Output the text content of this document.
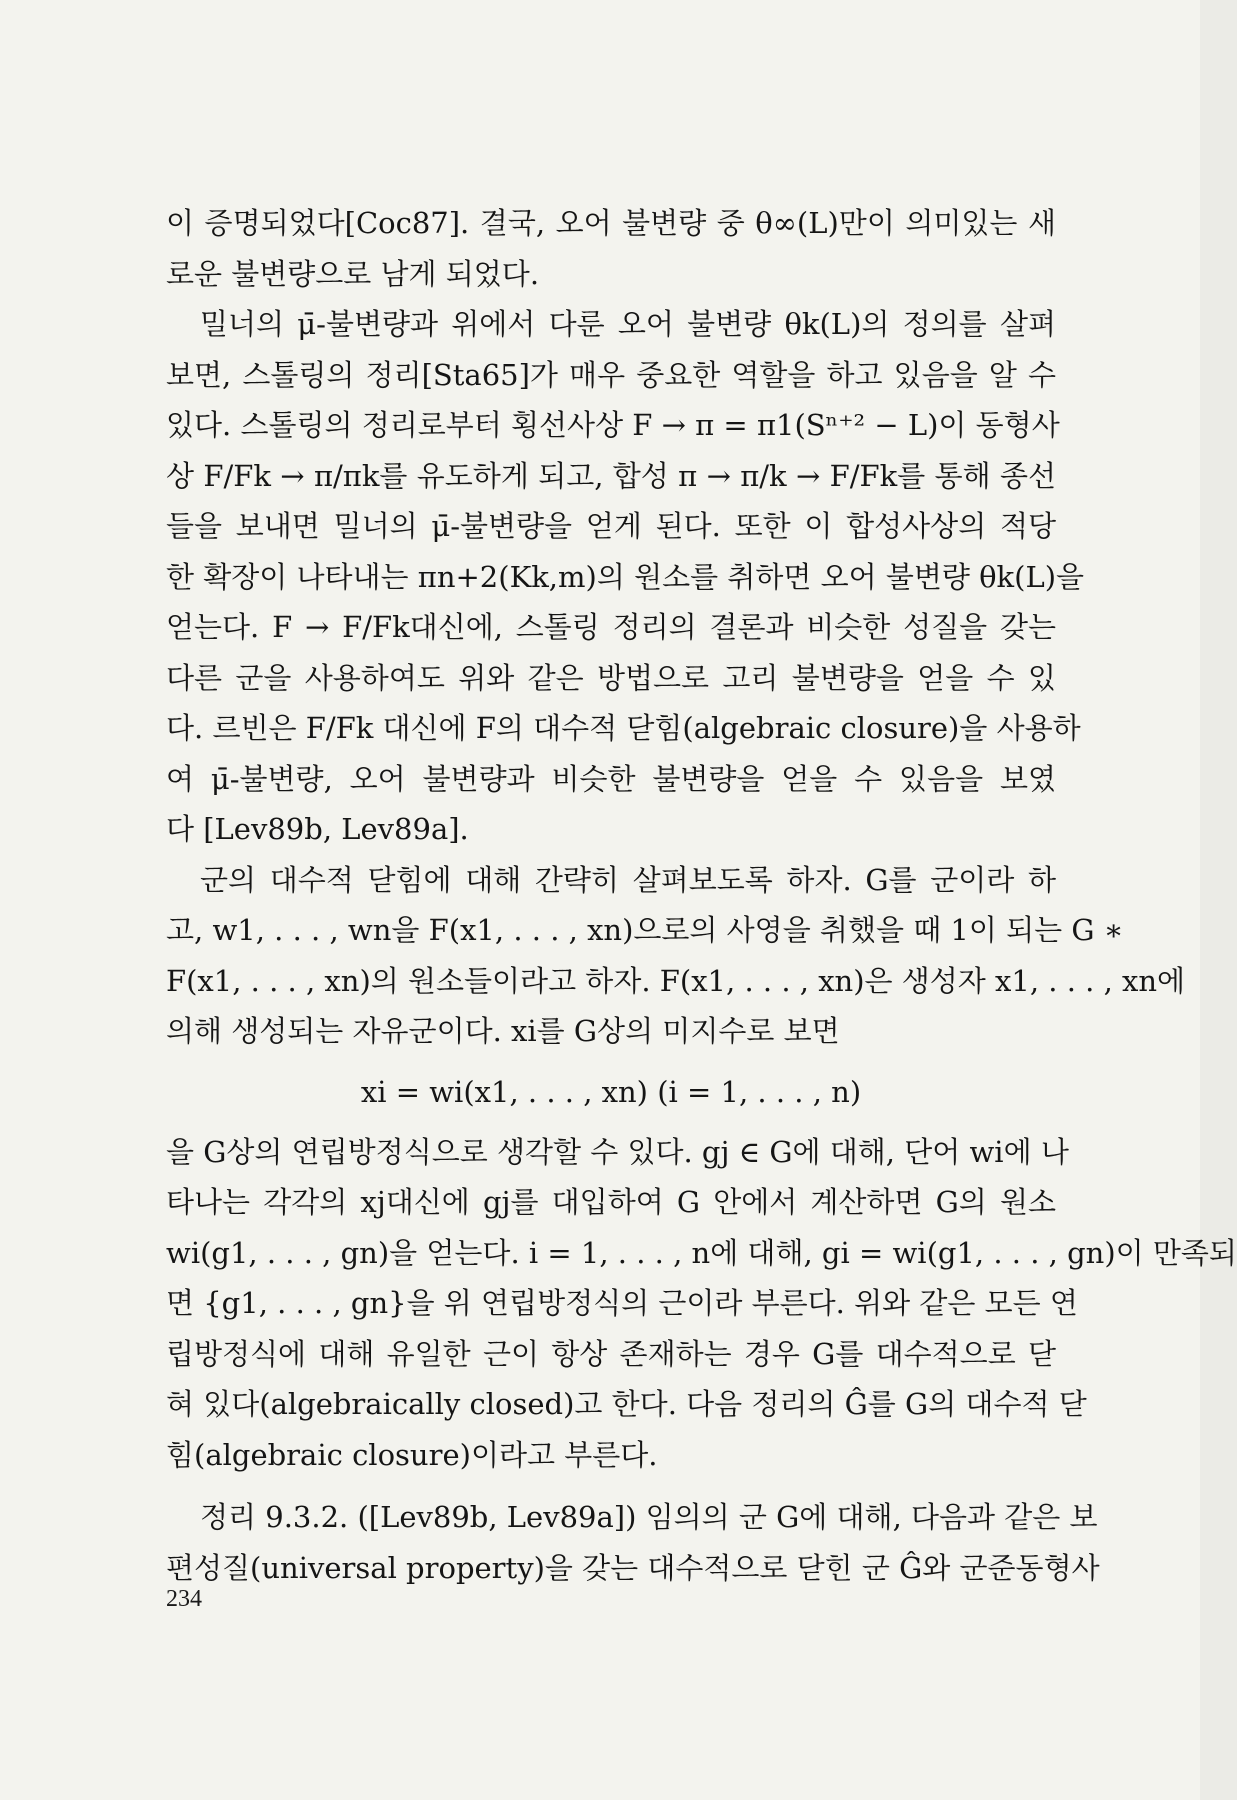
이 증명되었다[Coc87]. 결국, 오어 불변량 중 θ∞(L)만이 의미있는 새
로운 불변량으로 남게 되었다.
밀너의 μ̄-불변량과 위에서 다룬 오어 불변량 θk(L)의 정의를 살펴
보면, 스톨링의 정리[Sta65]가 매우 중요한 역할을 하고 있음을 알 수
있다. 스톨링의 정리로부터 횡선사상 F → π = π1(Sⁿ⁺² − L)이 동형사
상 F/Fk → π/πk를 유도하게 되고, 합성 π → π/k → F/Fk를 통해 종선
들을 보내면 밀너의 μ̄-불변량을 얻게 된다. 또한 이 합성사상의 적당
한 확장이 나타내는 πn+2(Kk,m)의 원소를 취하면 오어 불변량 θk(L)을
얻는다. F → F/Fk대신에, 스톨링 정리의 결론과 비슷한 성질을 갖는
다른 군을 사용하여도 위와 같은 방법으로 고리 불변량을 얻을 수 있
다. 르빈은 F/Fk 대신에 F의 대수적 닫힘(algebraic closure)을 사용하
여 μ̄-불변량, 오어 불변량과 비슷한 불변량을 얻을 수 있음을 보였
다 [Lev89b, Lev89a].
군의 대수적 닫힘에 대해 간략히 살펴보도록 하자. G를 군이라 하
고, w1, . . . , wn을 F(x1, . . . , xn)으로의 사영을 취했을 때 1이 되는 G ∗
F(x1, . . . , xn)의 원소들이라고 하자. F(x1, . . . , xn)은 생성자 x1, . . . , xn에
의해 생성되는 자유군이다. xi를 G상의 미지수로 보면
xi = wi(x1, . . . , xn) (i = 1, . . . , n)
을 G상의 연립방정식으로 생각할 수 있다. gj ∈ G에 대해, 단어 wi에 나
타나는 각각의 xj대신에 gj를 대입하여 G 안에서 계산하면 G의 원소
wi(g1, . . . , gn)을 얻는다. i = 1, . . . , n에 대해, gi = wi(g1, . . . , gn)이 만족되
면 {g1, . . . , gn}을 위 연립방정식의 근이라 부른다. 위와 같은 모든 연
립방정식에 대해 유일한 근이 항상 존재하는 경우 G를 대수적으로 닫
혀 있다(algebraically closed)고 한다. 다음 정리의 Ĝ를 G의 대수적 닫
힘(algebraic closure)이라고 부른다.
정리 9.3.2. ([Lev89b, Lev89a]) 임의의 군 G에 대해, 다음과 같은 보
편성질(universal property)을 갖는 대수적으로 닫힌 군 Ĝ와 군준동형사
234
